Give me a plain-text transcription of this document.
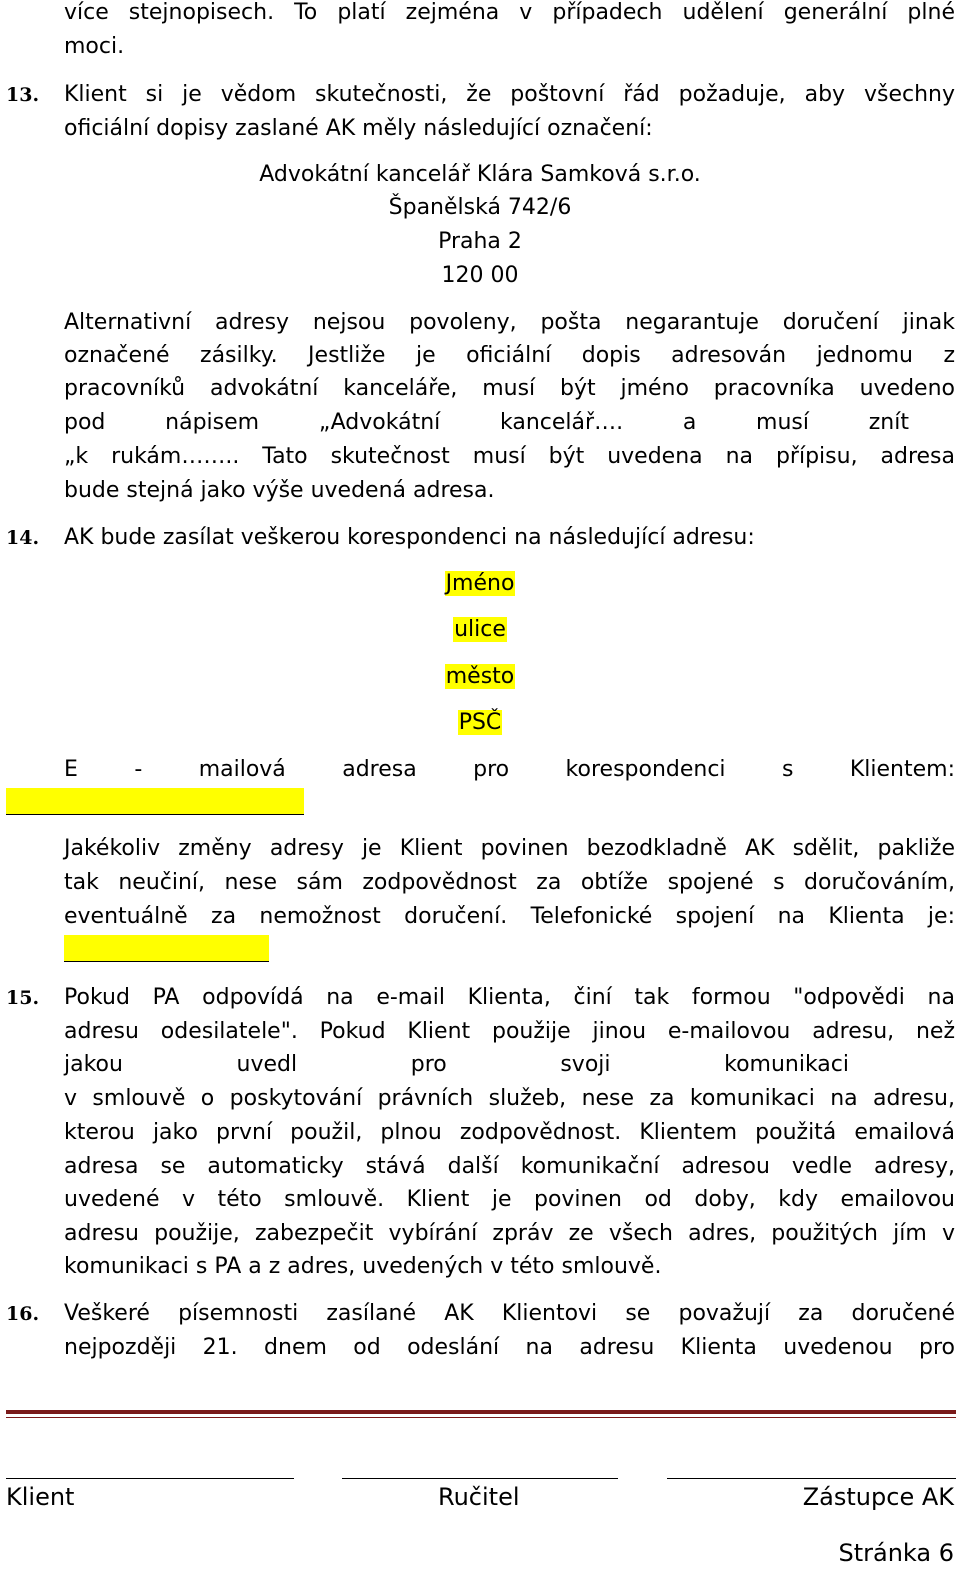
více stejnopisech. To platí zejména v případech udělení generální plné
moci.
13. Klient si je vědom skutečnosti, že poštovní řád požaduje, aby všechny
oficiální dopisy zaslané AK měly následující označení:
Advokátní kancelář Klára Samková s.r.o.
Španělská 742/6
Praha 2
120 00
Alternativní adresy nejsou povoleny, pošta negarantuje doručení jinak
označené zásilky. Jestliže je oficiální dopis adresován jednomu z
pracovníků advokátní kanceláře, musí být jméno pracovníka uvedeno
pod nápisem „Advokátní kancelář…. a musí znít
„k rukám…….. Tato skutečnost musí být uvedena na přípisu, adresa
bude stejná jako výše uvedená adresa.
14. AK bude zasílat veškerou korespondenci na následující adresu:
Jméno
ulice
město
PSČ
E - mailová adresa pro korespondenci s Klientem:
Jakékoliv změny adresy je Klient povinen bezodkladně AK sdělit, pakliže
tak neučiní, nese sám zodpovědnost za obtíže spojené s doručováním,
eventuálně za nemožnost doručení. Telefonické spojení na Klienta je:
15. Pokud PA odpovídá na e-mail Klienta, činí tak formou "odpovědi na
adresu odesilatele". Pokud Klient použije jinou e-mailovou adresu, než
jakou uvedl pro svoji komunikaci
v smlouvě o poskytování právních služeb, nese za komunikaci na adresu,
kterou jako první použil, plnou zodpovědnost. Klientem použitá emailová
adresa se automaticky stává další komunikační adresou vedle adresy,
uvedené v této smlouvě. Klient je povinen od doby, kdy emailovou
adresu použije, zabezpečit vybírání zpráv ze všech adres, použitých jím v
komunikaci s PA a z adres, uvedených v této smlouvě.
16. Veškeré písemnosti zasílané AK Klientovi se považují za doručené
nejpozději 21. dnem od odeslání na adresu Klienta uvedenou pro
Klient	Ručitel	Zástupce AK
Stránka 6
